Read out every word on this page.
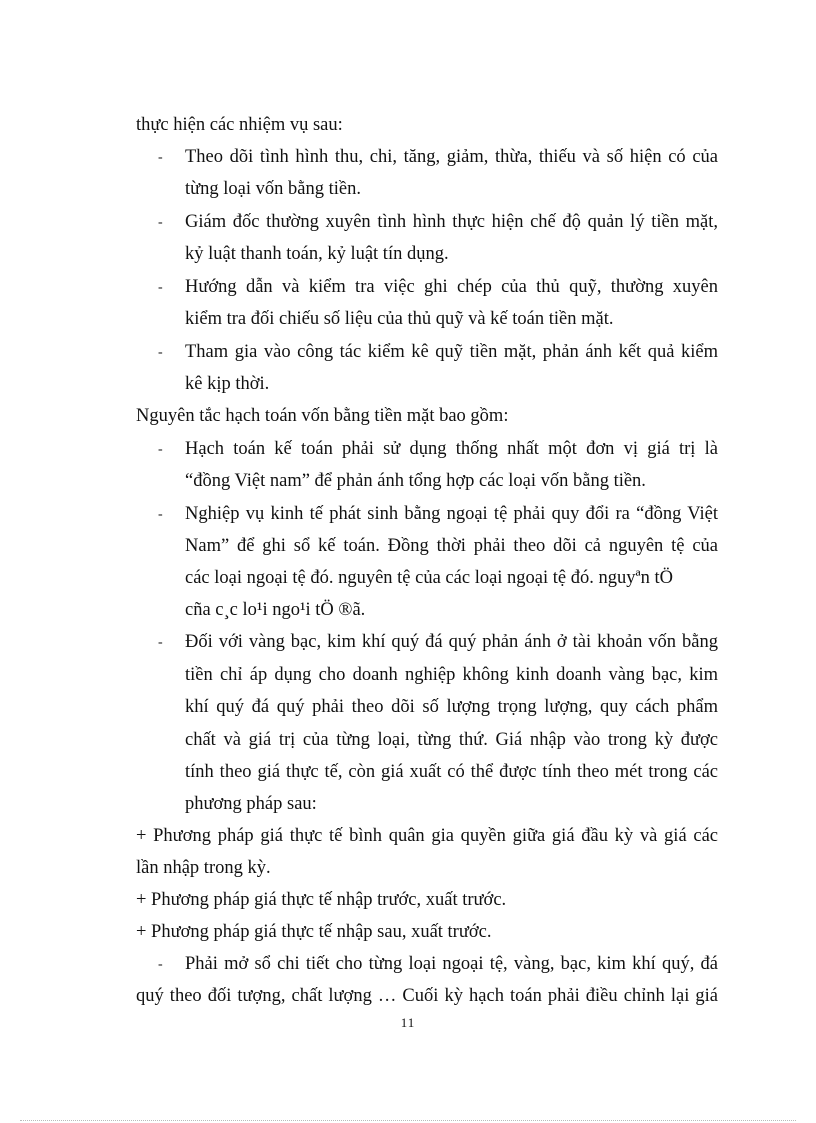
thực hiện các nhiệm vụ sau:
- Theo dõi tình hình thu, chi, tăng, giảm, thừa, thiếu và số hiện có của
từng loại vốn bằng tiền.
- Giám đốc thường xuyên tình hình thực hiện chế độ quản lý tiền mặt,
kỷ luật thanh toán, kỷ luật tín dụng.
- Hướng dẫn và kiểm tra việc ghi chép của thủ quỹ, thường xuyên
kiểm tra đối chiếu số liệu của thủ quỹ và kế toán tiền mặt.
- Tham gia vào công tác kiểm kê quỹ tiền mặt, phản ánh kết quả kiểm
kê kịp thời.
Nguyên tắc hạch toán vốn bằng tiền mặt bao gồm:
- Hạch toán kế toán phải sử dụng thống nhất một đơn vị giá trị là
“đồng Việt nam” để phản ánh tổng hợp các loại vốn bằng tiền.
- Nghiệp vụ kinh tế phát sinh bằng ngoại tệ phải quy đổi ra “đồng Việt
Nam” để ghi sổ kế toán. Đồng thời phải theo dõi cả nguyên tệ của
các loại ngoại tệ đó. nguyên tệ của các loại ngoại tệ đó. nguyªn tÖ
cña c¸c lo¹i ngo¹i tÖ ®ã.
- Đối với vàng bạc, kim khí quý đá quý phản ánh ở tài khoản vốn bằng
tiền chỉ áp dụng cho doanh nghiệp không kinh doanh vàng bạc, kim
khí quý đá quý phải theo dõi số lượng trọng lượng, quy cách phẩm
chất và giá trị của từng loại, từng thứ. Giá nhập vào trong kỳ được
tính theo giá thực tế, còn giá xuất có thể được tính theo mét trong các
phương pháp sau:
+ Phương pháp giá thực tế bình quân gia quyền giữa giá đầu kỳ và giá các
lần nhập trong kỳ.
+ Phương pháp giá thực tế nhập trước, xuất trước.
+ Phương pháp giá thực tế nhập sau, xuất trước.
- Phải mở sổ chi tiết cho từng loại ngoại tệ, vàng, bạc, kim khí quý, đá
quý theo đối tượng, chất lượng … Cuối kỳ hạch toán phải điều chỉnh lại giá
11
